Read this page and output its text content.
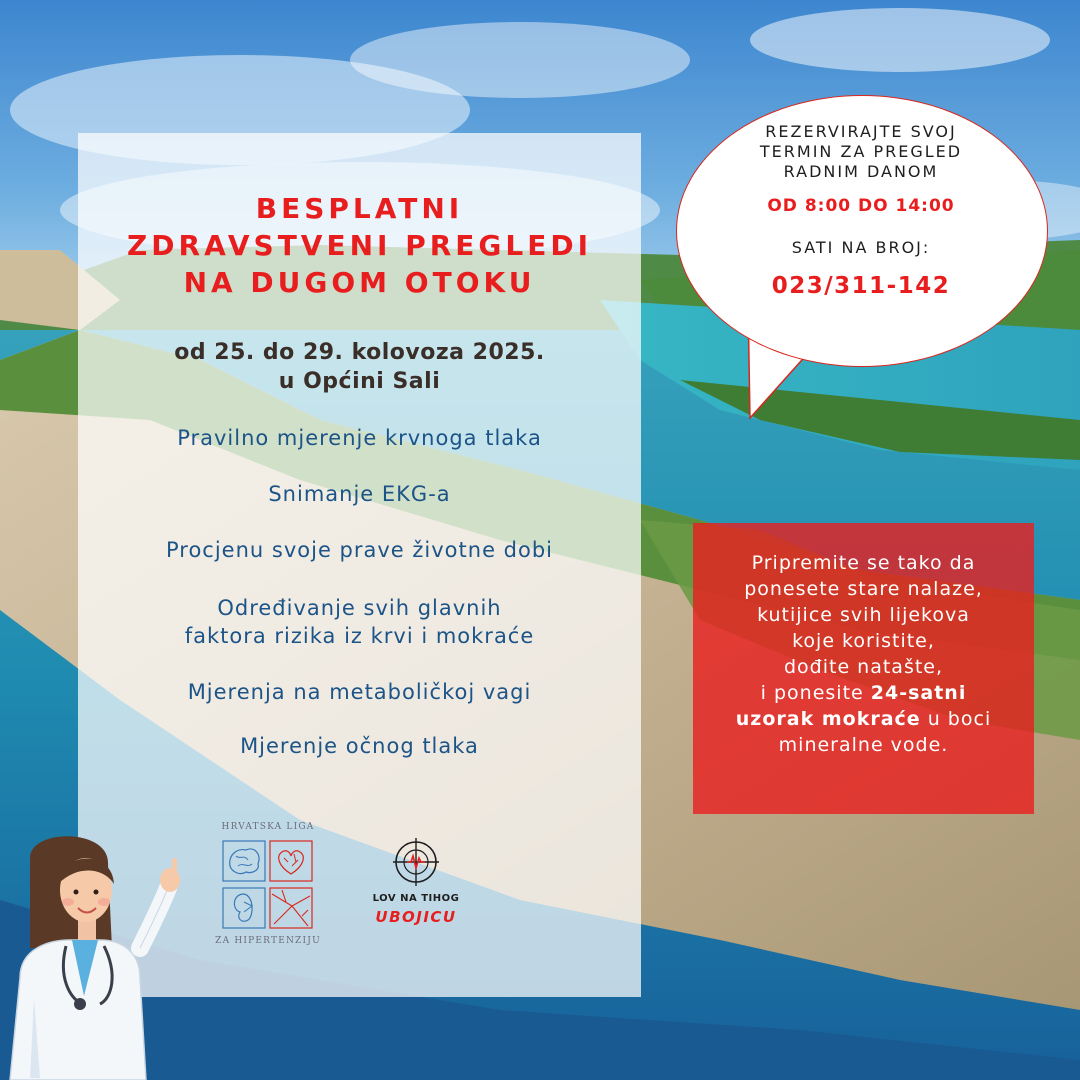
BESPLATNI
ZDRAVSTVENI PREGLEDI
NA DUGOM OTOKU
od 25. do 29. kolovoza 2025.
u Općini Sali
Pravilno mjerenje krvnoga tlaka
Snimanje EKG-a
Procjenu svoje prave životne dobi
Određivanje svih glavnih
faktora rizika iz krvi i mokraće
Mjerenja na metaboličkoj vagi
Mjerenje očnog tlaka
REZERVIRAJTE SVOJ
TERMIN ZA PREGLED
RADNIM DANOM
OD 8:00 DO 14:00
SATI NA BROJ:
023/311-142
Pripremite se tako da
ponesete stare nalaze,
kutijice svih lijekova
koje koristite,
dođite natašte,
i ponesite 24-satni
uzorak mokraće u boci
mineralne vode.
HRVATSKA LIGA
ZA HIPERTENZIJU
LOV NA TIHOG
UBOJICU
